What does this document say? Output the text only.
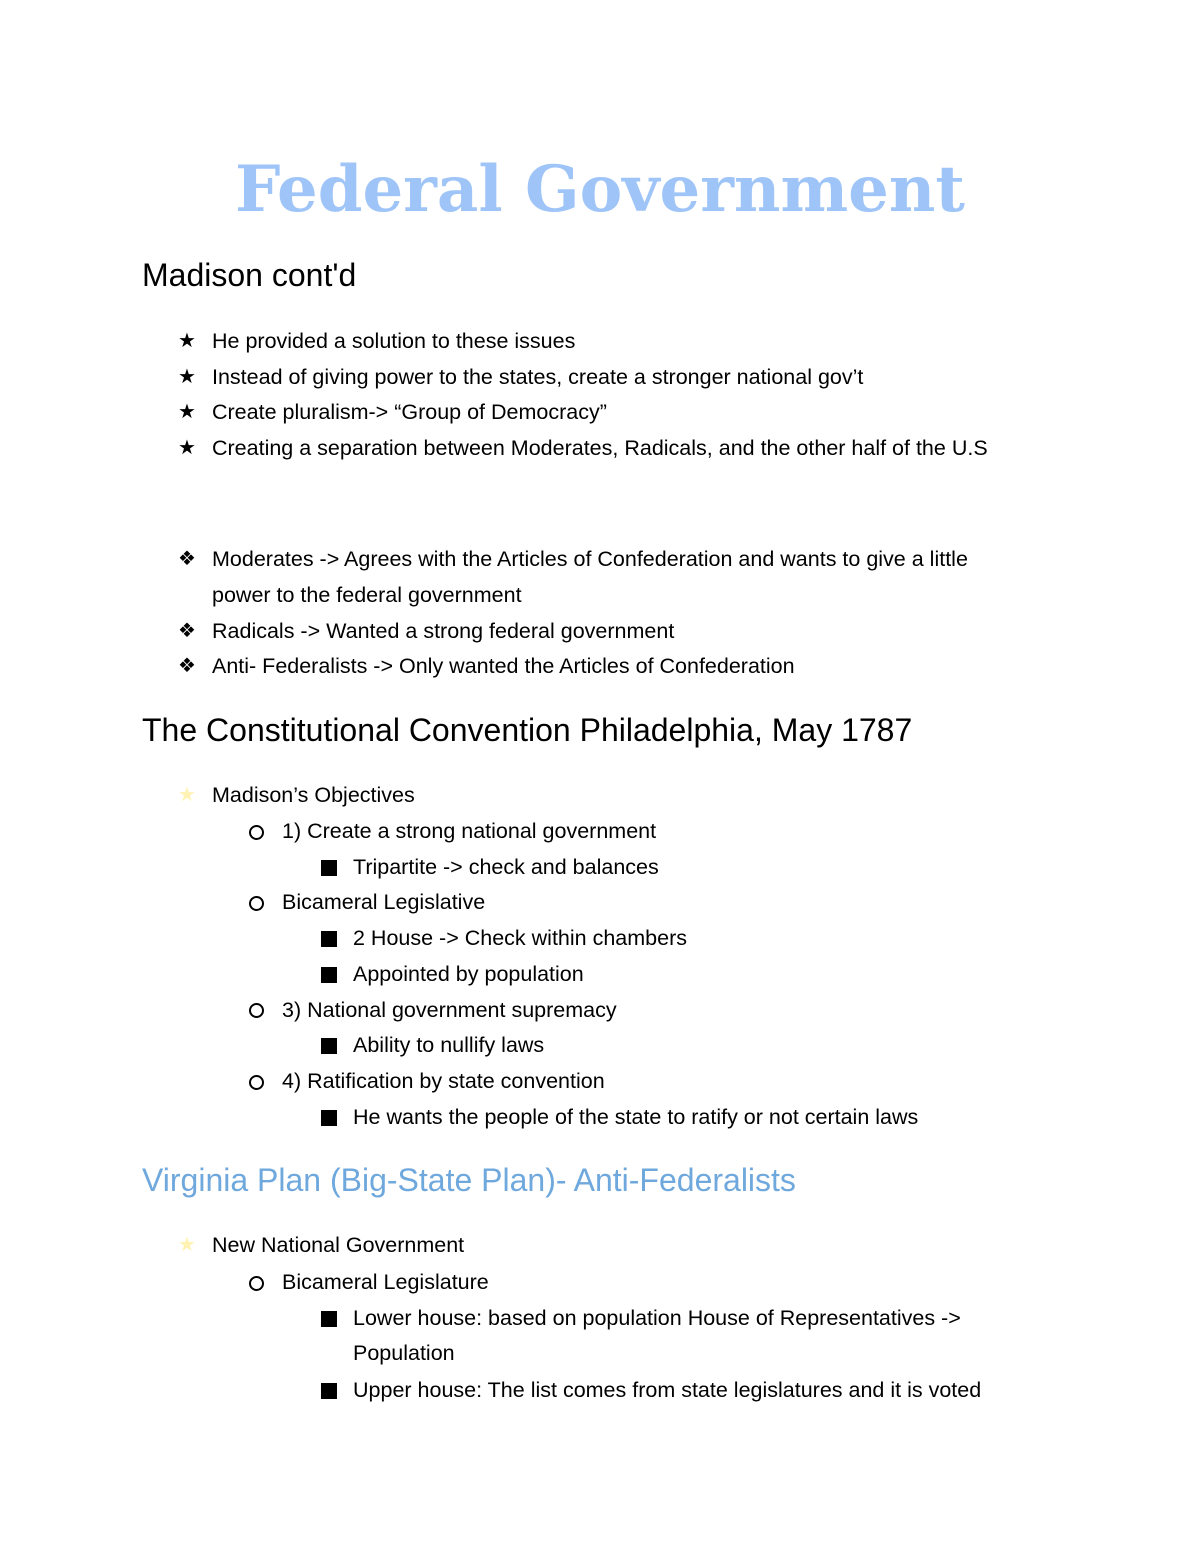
Federal Government
Madison cont'd
★ He provided a solution to these issues
★ Instead of giving power to the states, create a stronger national gov’t
★ Create pluralism-> “Group of Democracy”
★ Creating a separation between Moderates, Radicals, and the other half of the U.S
❖ Moderates -> Agrees with the Articles of Confederation and wants to give a little
power to the federal government
❖ Radicals -> Wanted a strong federal government
❖ Anti- Federalists -> Only wanted the Articles of Confederation
The Constitutional Convention Philadelphia, May 1787
★ Madison’s Objectives
1) Create a strong national government
Tripartite -> check and balances
Bicameral Legislative
2 House -> Check within chambers
Appointed by population
3) National government supremacy
Ability to nullify laws
4) Ratification by state convention
He wants the people of the state to ratify or not certain laws
Virginia Plan (Big-State Plan)- Anti-Federalists
★ New National Government
Bicameral Legislature
Lower house: based on population House of Representatives ->
Population
Upper house: The list comes from state legislatures and it is voted
